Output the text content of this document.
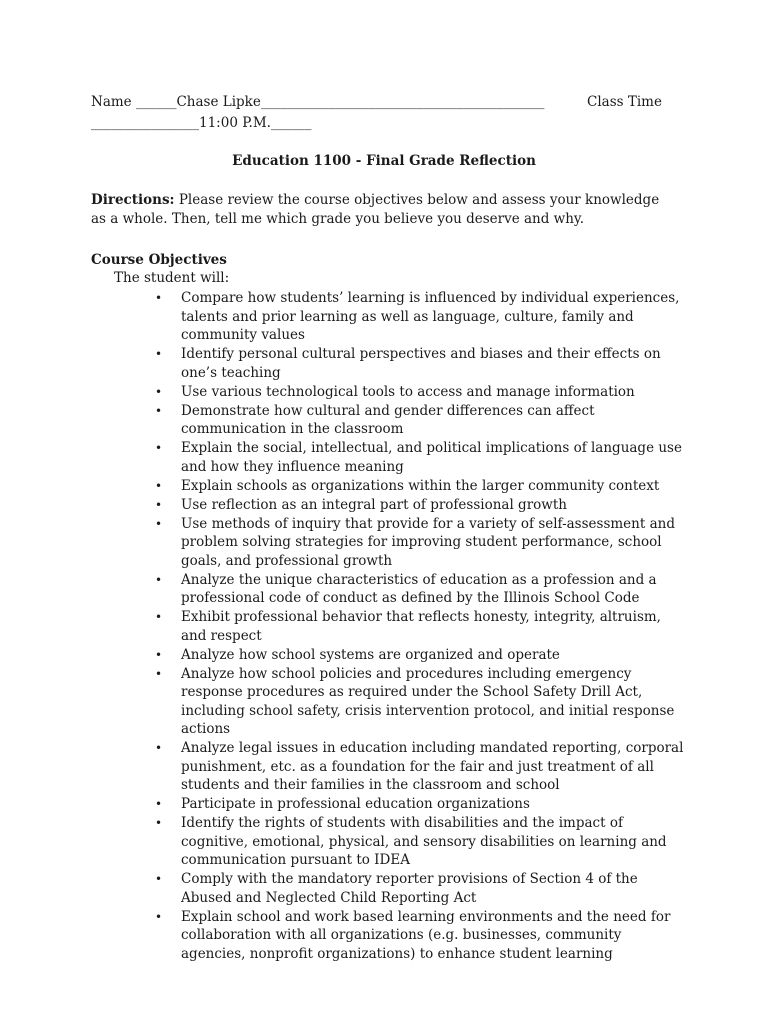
Name ______Chase Lipke__________________________________________	Class Time
________________11:00 P.M.______
Education 1100 - Final Grade Reflection
Directions: Please review the course objectives below and assess your knowledge as a whole. Then, tell me which grade you believe you deserve and why.
Course Objectives
The student will:
• Compare how students’ learning is influenced by individual experiences, talents and prior learning as well as language, culture, family and community values
• Identify personal cultural perspectives and biases and their effects on one’s teaching
• Use various technological tools to access and manage information
• Demonstrate how cultural and gender differences can affect communication in the classroom
• Explain the social, intellectual, and political implications of language use and how they influence meaning
• Explain schools as organizations within the larger community context
• Use reflection as an integral part of professional growth
• Use methods of inquiry that provide for a variety of self-assessment and problem solving strategies for improving student performance, school goals, and professional growth
• Analyze the unique characteristics of education as a profession and a professional code of conduct as defined by the Illinois School Code
• Exhibit professional behavior that reflects honesty, integrity, altruism, and respect
• Analyze how school systems are organized and operate
• Analyze how school policies and procedures including emergency response procedures as required under the School Safety Drill Act, including school safety, crisis intervention protocol, and initial response actions
• Analyze legal issues in education including mandated reporting, corporal punishment, etc. as a foundation for the fair and just treatment of all students and their families in the classroom and school
• Participate in professional education organizations
• Identify the rights of students with disabilities and the impact of cognitive, emotional, physical, and sensory disabilities on learning and communication pursuant to IDEA
• Comply with the mandatory reporter provisions of Section 4 of the Abused and Neglected Child Reporting Act
• Explain school and work based learning environments and the need for collaboration with all organizations (e.g. businesses, community agencies, nonprofit organizations) to enhance student learning
